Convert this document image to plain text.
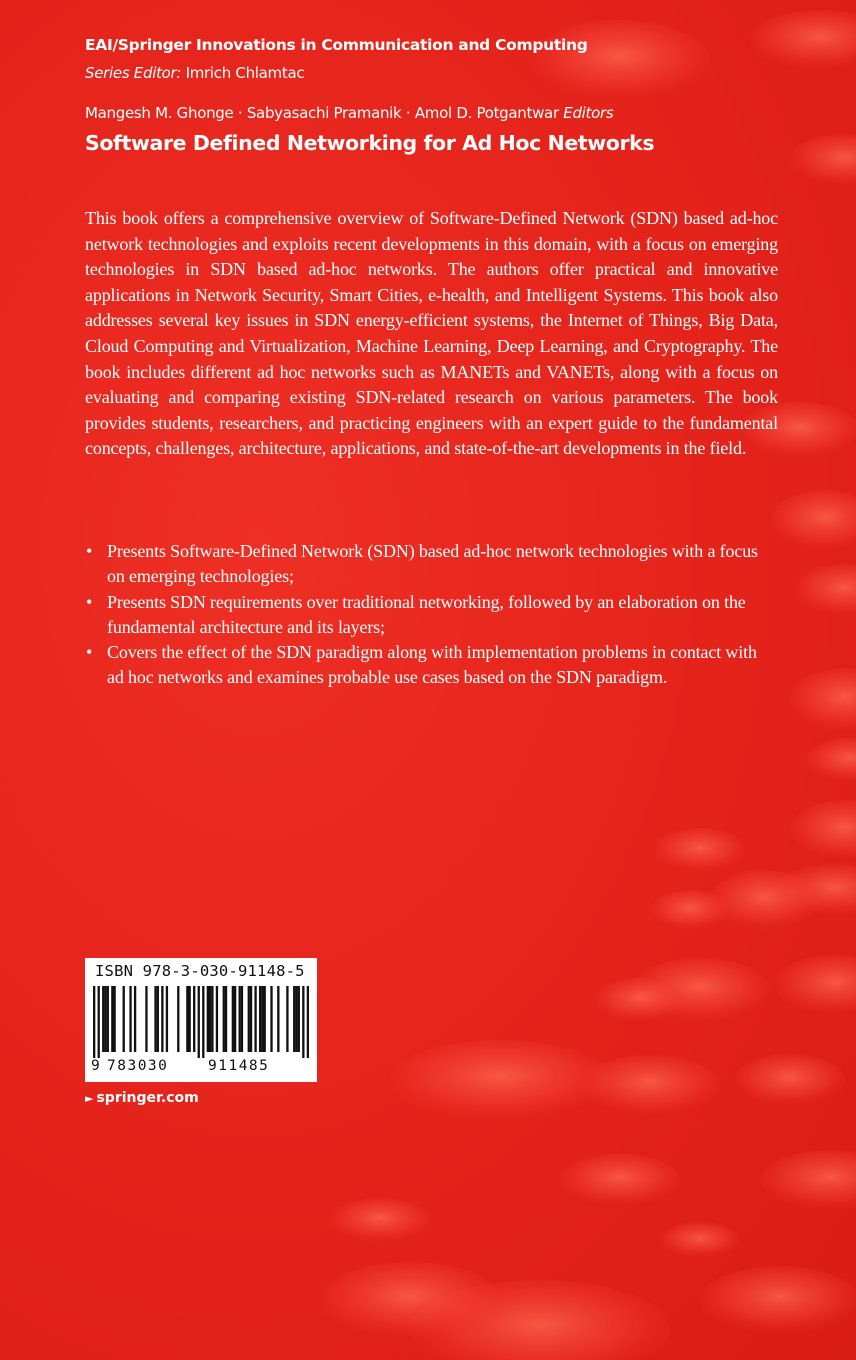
EAI/Springer Innovations in Communication and Computing
Series Editor: Imrich Chlamtac
Mangesh M. Ghonge · Sabyasachi Pramanik · Amol D. Potgantwar Editors
Software Defined Networking for Ad Hoc Networks
This book offers a comprehensive overview of Software-Defined Network (SDN) based ad-hoc network technologies and exploits recent developments in this domain, with a focus on emerging technologies in SDN based ad-hoc networks. The authors offer practical and innovative applications in Network Security, Smart Cities, e-health, and Intelligent Systems. This book also addresses several key issues in SDN energy-efficient systems, the Internet of Things, Big Data, Cloud Computing and Virtualization, Machine Learning, Deep Learning, and Cryptography. The book includes different ad hoc networks such as MANETs and VANETs, along with a focus on evaluating and comparing existing SDN-related research on various parameters. The book provides students, researchers, and practicing engineers with an expert guide to the fundamental concepts, challenges, architecture, applications, and state-of-the-art developments in the field.
• Presents Software-Defined Network (SDN) based ad-hoc network technologies with a focus on emerging technologies;
• Presents SDN requirements over traditional networking, followed by an elaboration on the fundamental architecture and its layers;
• Covers the effect of the SDN paradigm along with implementation problems in contact with ad hoc networks and examines probable use cases based on the SDN paradigm.
ISBN 978-3-030-91148-5
9 783030	911485
► springer.com
